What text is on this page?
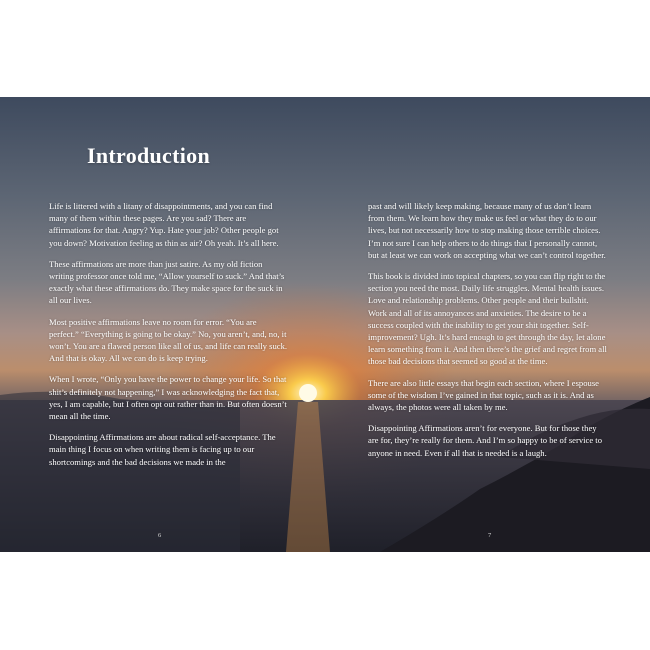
Introduction

Life is littered with a litany of disappointments, and you can find many of them within these pages. Are you sad? There are affirmations for that. Angry? Yup. Hate your job? Other people got you down? Motivation feeling as thin as air? Oh yeah. It’s all here.

These affirmations are more than just satire. As my old fiction writing professor once told me, “Allow yourself to suck.” And that’s exactly what these affirmations do. They make space for the suck in all our lives.

Most positive affirmations leave no room for error. “You are perfect.” “Everything is going to be okay.” No, you aren’t, and, no, it won’t. You are a flawed person like all of us, and life can really suck. And that is okay. All we can do is keep trying.

When I wrote, “Only you have the power to change your life. So that shit’s definitely not happening,” I was acknowledging the fact that, yes, I am capable, but I often opt out rather than in. But often doesn’t mean all the time.

Disappointing Affirmations are about radical self-acceptance. The main thing I focus on when writing them is facing up to our shortcomings and the bad decisions we made in the

6

past and will likely keep making, because many of us don’t learn from them. We learn how they make us feel or what they do to our lives, but not necessarily how to stop making those terrible choices. I’m not sure I can help others to do things that I personally cannot, but at least we can work on accepting what we can’t control together.

This book is divided into topical chapters, so you can flip right to the section you need the most. Daily life struggles. Mental health issues. Love and relationship problems. Other people and their bullshit. Work and all of its annoyances and anxieties. The desire to be a success coupled with the inability to get your shit together. Self-improvement? Ugh. It’s hard enough to get through the day, let alone learn something from it. And then there’s the grief and regret from all those bad decisions that seemed so good at the time.

There are also little essays that begin each section, where I espouse some of the wisdom I’ve gained in that topic, such as it is. And as always, the photos were all taken by me.

Disappointing Affirmations aren’t for everyone. But for those they are for, they’re really for them. And I’m so happy to be of service to anyone in need. Even if all that is needed is a laugh.

7
